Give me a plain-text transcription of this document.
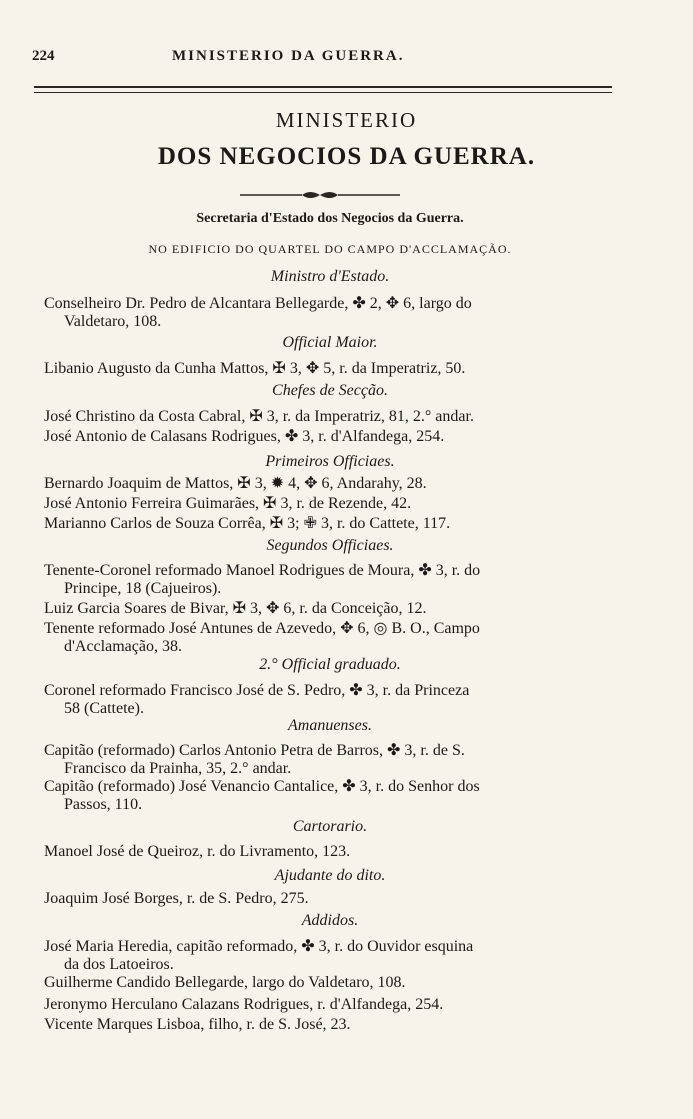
224	MINISTERIO DA GUERRA.
MINISTERIO
DOS NEGOCIOS DA GUERRA.
Secretaria d'Estado dos Negocios da Guerra.
NO EDIFICIO DO QUARTEL DO CAMPO D'ACCLAMAÇÃO.
Ministro d'Estado.
Conselheiro Dr. Pedro de Alcantara Bellegarde, ✤ 2, ✥ 6, largo do
Valdetaro, 108.
Official Maior.
Libanio Augusto da Cunha Mattos, ✠ 3, ✥ 5, r. da Imperatriz, 50.
Chefes de Secção.
José Christino da Costa Cabral, ✠ 3, r. da Imperatriz, 81, 2.° andar.
José Antonio de Calasans Rodrigues, ✤ 3, r. d'Alfandega, 254.
Primeiros Officiaes.
Bernardo Joaquim de Mattos, ✠ 3, ✹ 4, ✥ 6, Andarahy, 28.
José Antonio Ferreira Guimarães, ✠ 3, r. de Rezende, 42.
Marianno Carlos de Souza Corrêa, ✠ 3; ✙ 3, r. do Cattete, 117.
Segundos Officiaes.
Tenente-Coronel reformado Manoel Rodrigues de Moura, ✤ 3, r. do
Principe, 18 (Cajueiros).
Luiz Garcia Soares de Bivar, ✠ 3, ✥ 6, r. da Conceição, 12.
Tenente reformado José Antunes de Azevedo, ✥ 6, ◎ B. O., Campo
d'Acclamação, 38.
2.° Official graduado.
Coronel reformado Francisco José de S. Pedro, ✤ 3, r. da Princeza
58 (Cattete).
Amanuenses.
Capitão (reformado) Carlos Antonio Petra de Barros, ✤ 3, r. de S.
Francisco da Prainha, 35, 2.° andar.
Capitão (reformado) José Venancio Cantalice, ✤ 3, r. do Senhor dos
Passos, 110.
Cartorario.
Manoel José de Queiroz, r. do Livramento, 123.
Ajudante do dito.
Joaquim José Borges, r. de S. Pedro, 275.
Addidos.
José Maria Heredia, capitão reformado, ✤ 3, r. do Ouvidor esquina
da dos Latoeiros.
Guilherme Candido Bellegarde, largo do Valdetaro, 108.
Jeronymo Herculano Calazans Rodrigues, r. d'Alfandega, 254.
Vicente Marques Lisboa, filho, r. de S. José, 23.
